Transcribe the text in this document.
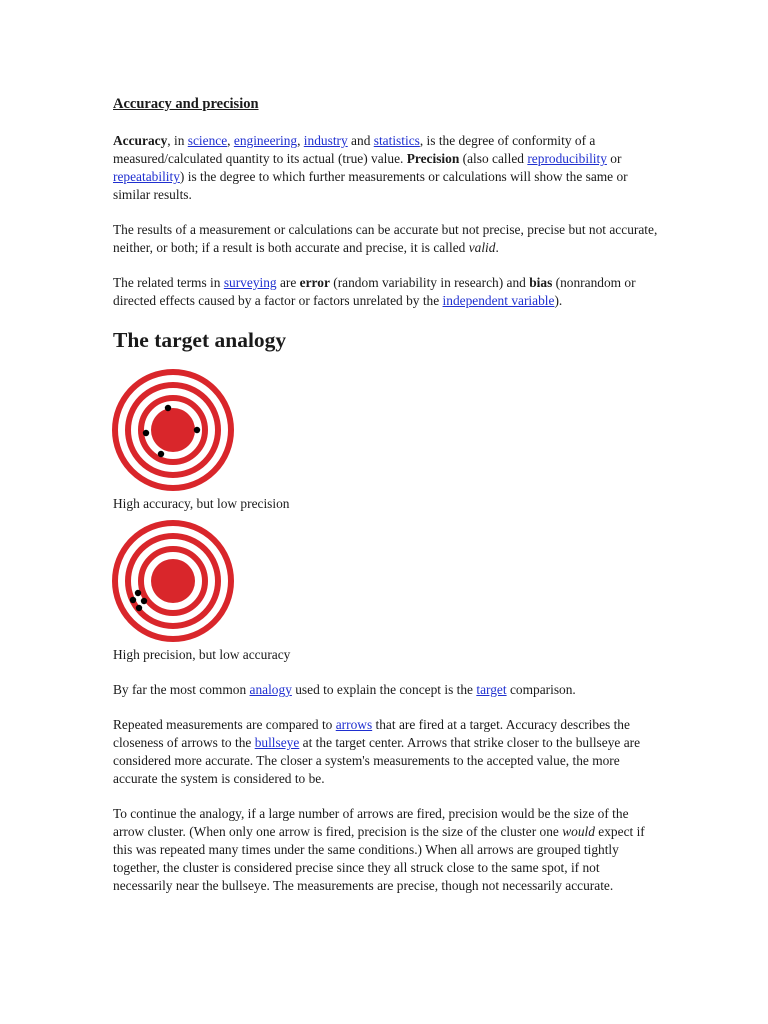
Accuracy and precision

Accuracy, in science, engineering, industry and statistics, is the degree of conformity of a measured/calculated quantity to its actual (true) value. Precision (also called reproducibility or repeatability) is the degree to which further measurements or calculations will show the same or similar results.

The results of a measurement or calculations can be accurate but not precise, precise but not accurate, neither, or both; if a result is both accurate and precise, it is called valid.

The related terms in surveying are error (random variability in research) and bias (nonrandom or directed effects caused by a factor or factors unrelated by the independent variable).

The target analogy
High accuracy, but low precision
High precision, but low accuracy

By far the most common analogy used to explain the concept is the target comparison.

Repeated measurements are compared to arrows that are fired at a target. Accuracy describes the closeness of arrows to the bullseye at the target center. Arrows that strike closer to the bullseye are considered more accurate. The closer a system's measurements to the accepted value, the more accurate the system is considered to be.

To continue the analogy, if a large number of arrows are fired, precision would be the size of the arrow cluster. (When only one arrow is fired, precision is the size of the cluster one would expect if this was repeated many times under the same conditions.) When all arrows are grouped tightly together, the cluster is considered precise since they all struck close to the same spot, if not necessarily near the bullseye. The measurements are precise, though not necessarily accurate.
